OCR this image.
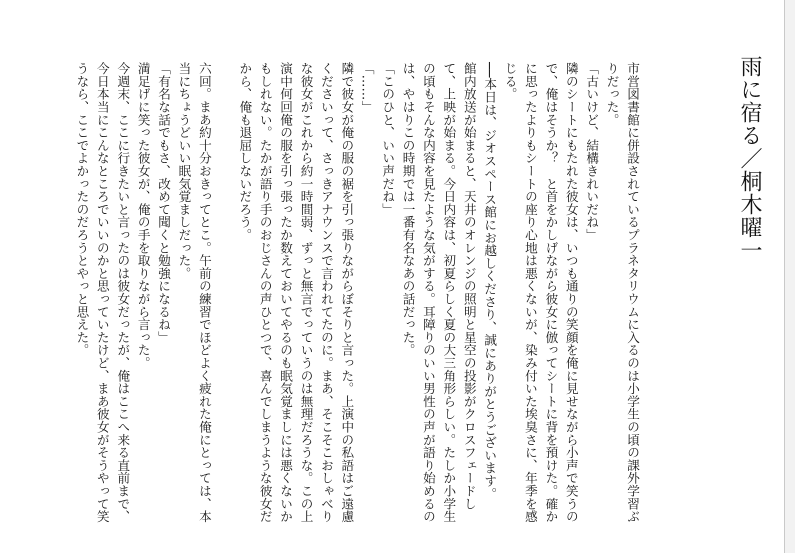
雨に宿る／桐木曜一

市営図書館に併設されているプラネタリウムに入るのは小学生の頃の課外学習ぶりだった。

「古いけど、結構きれいだね」

隣のシートにもたれた彼女は、いつも通りの笑顔を俺に見せながら小声で笑うので、俺はそうか？　と首をかしげながら彼女に倣ってシートに背を預けた。確かに思ったよりもシートの座り心地は悪くないが、染み付いた埃臭さに、年季を感じる。

──本日は、ジオスペース館にお越しくださり、誠にありがとうございます。

館内放送が始まると、天井のオレンジの照明と星空の投影がクロスフェードして、上映が始まる。今日内容は、初夏らしく夏の大三角形らしい。たしか小学生の頃もそんな内容を見たような気がする。耳障りのいい男性の声が語り始めるのは、やはりこの時期では一番有名なあの話だった。

「このひと、いい声だね」

「……」

隣で彼女が俺の服の裾を引っ張りながらぼそりと言った。上演中の私語はご遠慮くださいって、さっきアナウンスで言われてたのに。まあ、そこそこおしゃべりな彼女がこれから約一時間弱、ずっと無言でっていうのは無理だろうな。この上演中何回俺の服を引っ張ったか数えておいてやるのも眠気覚ましには悪くないかもしれない。たかが語り手のおじさんの声ひとつで、喜んでしまうような彼女だから、俺も退屈しないだろう。

六回。まあ約十分おきってとこ。午前の練習でほどよく疲れた俺にとっては、本当にちょうどいい眠気覚ましだった。

「有名な話でもさ、改めて聞くと勉強になるね」

満足げに笑った彼女が、俺の手を取りながら言った。

今週末、ここに行きたいと言ったのは彼女だったが、俺はここへ来る直前まで、今日本当にこんなところでいいのかと思っていたけど、まあ彼女がそうやって笑うなら、ここでよかったのだろうとやっと思えた。
